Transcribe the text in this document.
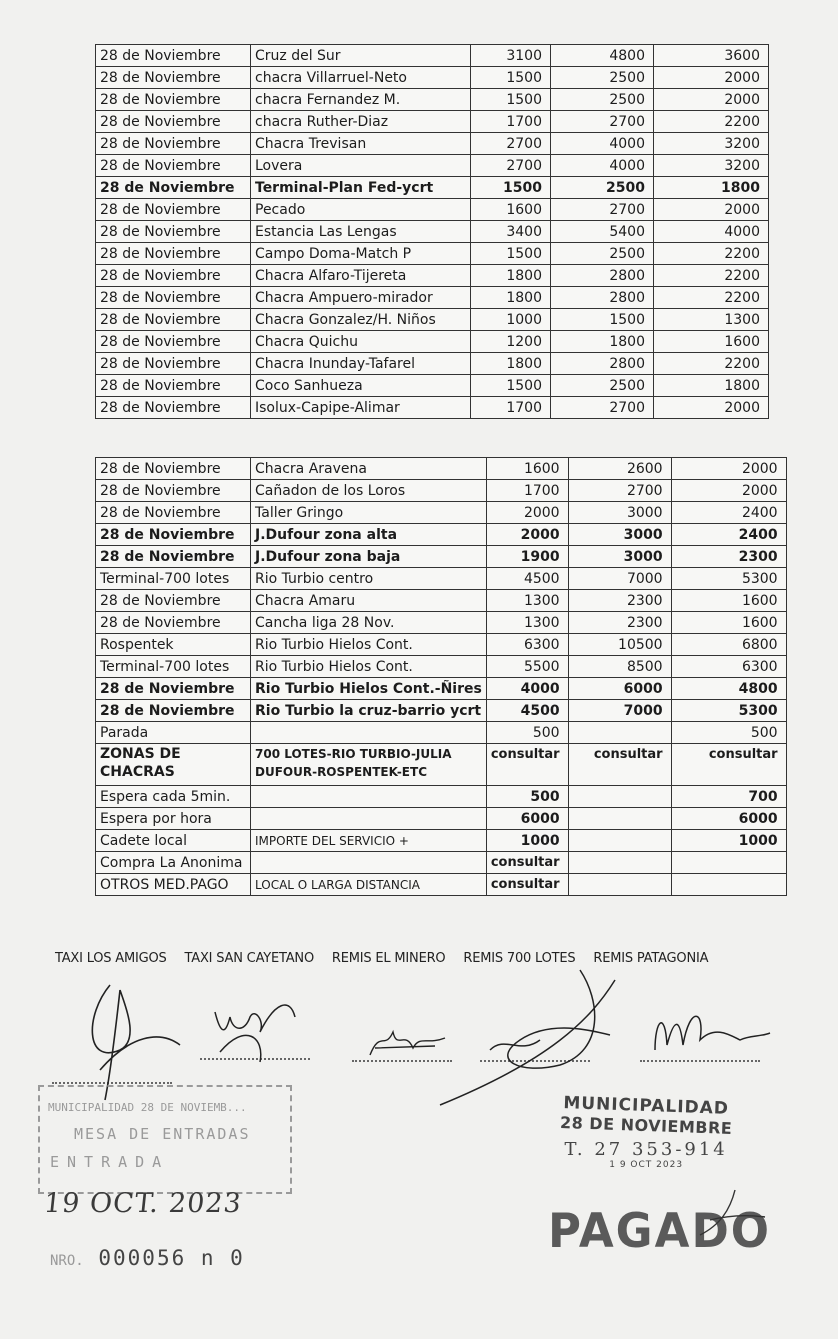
28 de Noviembre	Cruz del Sur	3100	4800	3600
28 de Noviembre	chacra Villarruel-Neto	1500	2500	2000
28 de Noviembre	chacra Fernandez M.	1500	2500	2000
28 de Noviembre	chacra Ruther-Diaz	1700	2700	2200
28 de Noviembre	Chacra Trevisan	2700	4000	3200
28 de Noviembre	Lovera	2700	4000	3200
28 de Noviembre	Terminal-Plan Fed-ycrt	1500	2500	1800
28 de Noviembre	Pecado	1600	2700	2000
28 de Noviembre	Estancia Las Lengas	3400	5400	4000
28 de Noviembre	Campo Doma-Match P	1500	2500	2200
28 de Noviembre	Chacra Alfaro-Tijereta	1800	2800	2200
28 de Noviembre	Chacra Ampuero-mirador	1800	2800	2200
28 de Noviembre	Chacra Gonzalez/H. Niños	1000	1500	1300
28 de Noviembre	Chacra Quichu	1200	1800	1600
28 de Noviembre	Chacra Inunday-Tafarel	1800	2800	2200
28 de Noviembre	Coco Sanhueza	1500	2500	1800
28 de Noviembre	Isolux-Capipe-Alimar	1700	2700	2000
28 de Noviembre	Chacra Aravena	1600	2600	2000
28 de Noviembre	Cañadon de los Loros	1700	2700	2000
28 de Noviembre	Taller Gringo	2000	3000	2400
28 de Noviembre	J.Dufour zona alta	2000	3000	2400
28 de Noviembre	J.Dufour zona baja	1900	3000	2300
Terminal-700 lotes	Rio Turbio centro	4500	7000	5300
28 de Noviembre	Chacra Amaru	1300	2300	1600
28 de Noviembre	Cancha liga 28 Nov.	1300	2300	1600
Rospentek	Rio Turbio Hielos Cont.	6300	10500	6800
Terminal-700 lotes	Rio Turbio Hielos Cont.	5500	8500	6300
28 de Noviembre	Rio Turbio Hielos Cont.-Ñires	4000	6000	4800
28 de Noviembre	Rio Turbio la cruz-barrio ycrt	4500	7000	5300
Parada		500		500
ZONAS DE CHACRAS	700 LOTES-RIO TURBIO-JULIA DUFOUR-ROSPENTEK-ETC	consultar	consultar	consultar
Espera cada 5min.		500		700
Espera por hora		6000		6000
Cadete local	IMPORTE DEL SERVICIO +	1000		1000
Compra La Anonima		consultar		
OTROS MED.PAGO	LOCAL O LARGA DISTANCIA	consultar		
TAXI LOS AMIGOS TAXI SAN CAYETANO REMIS EL MINERO REMIS 700 LOTES REMIS PATAGONIA
MUNICIPALIDAD 28 DE NOVIEMB...
MESA DE ENTRADAS
ENTRADA
19 OCT. 2023
NRO. 000056 n 0
MUNICIPALIDAD
28 DE NOVIEMBRE
T. 27 353-914
1 9 OCT 2023
PAGADO
